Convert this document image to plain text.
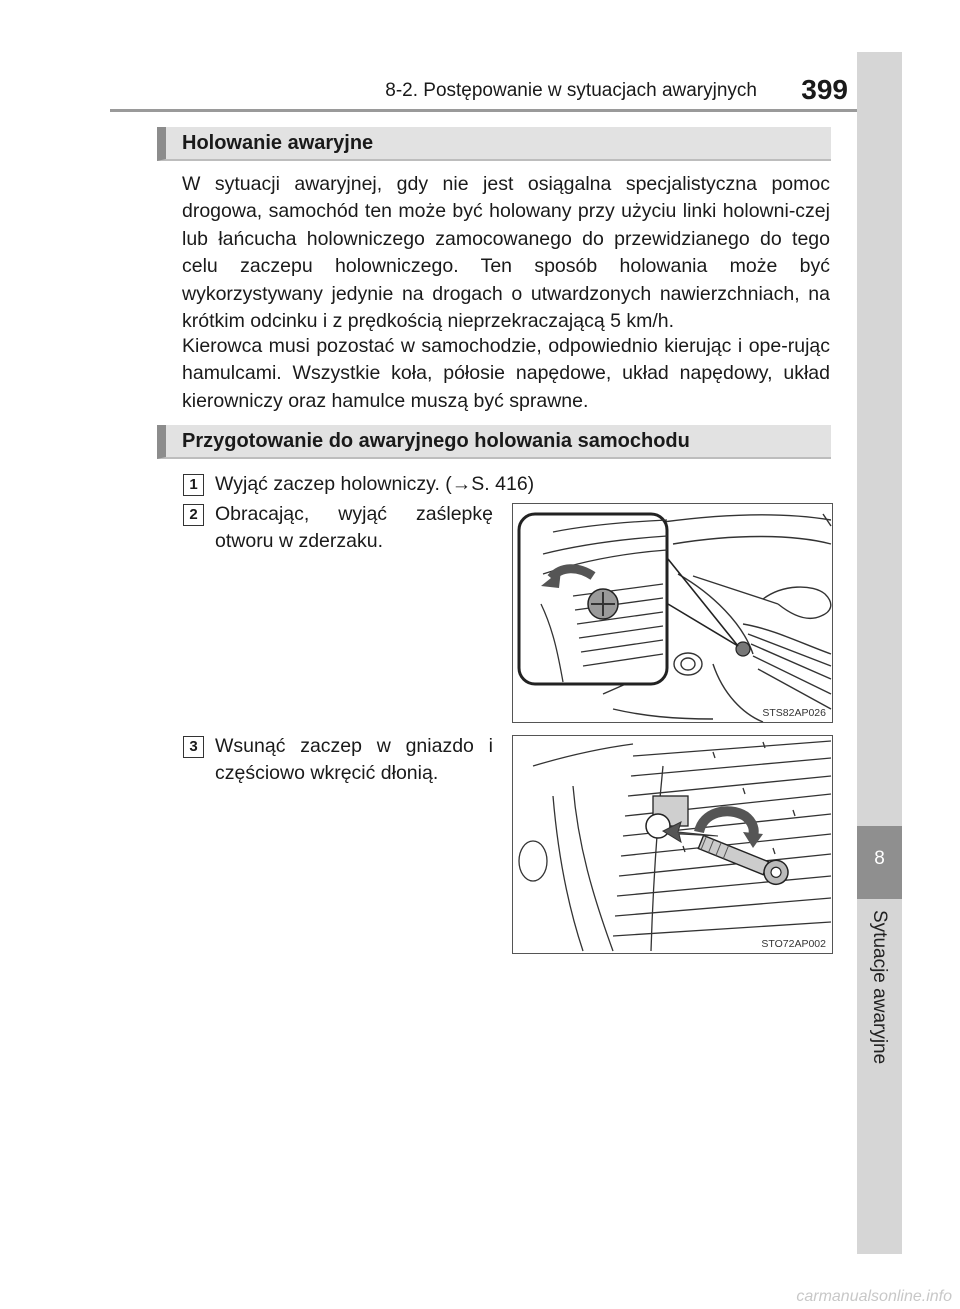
8-2. Postępowanie w sytuacjach awaryjnych	399
8
Sytuacje awaryjne
Holowanie awaryjne

W sytuacji awaryjnej, gdy nie jest osiągalna specjalistyczna pomoc drogowa, samochód ten może być holowany przy użyciu linki holowni-czej lub łańcucha holowniczego zamocowanego do przewidzianego do tego celu zaczepu holowniczego. Ten sposób holowania może być wykorzystywany jedynie na drogach o utwardzonych nawierzchniach, na krótkim odcinku i z prędkością nieprzekraczającą 5 km/h.

Kierowca musi pozostać w samochodzie, odpowiednio kierując i ope-rując hamulcami. Wszystkie koła, półosie napędowe, układ napędowy, układ kierowniczy oraz hamulce muszą być sprawne.

Przygotowanie do awaryjnego holowania samochodu
1 Wyjąć zaczep holowniczy. (→S. 416)

2 Obracając, wyjąć zaślepkę otworu w zderzaku.

STS82AP026
3 Wsunąć zaczep w gniazdo i częściowo wkręcić dłonią.

STO72AP002
carmanualsonline.info
